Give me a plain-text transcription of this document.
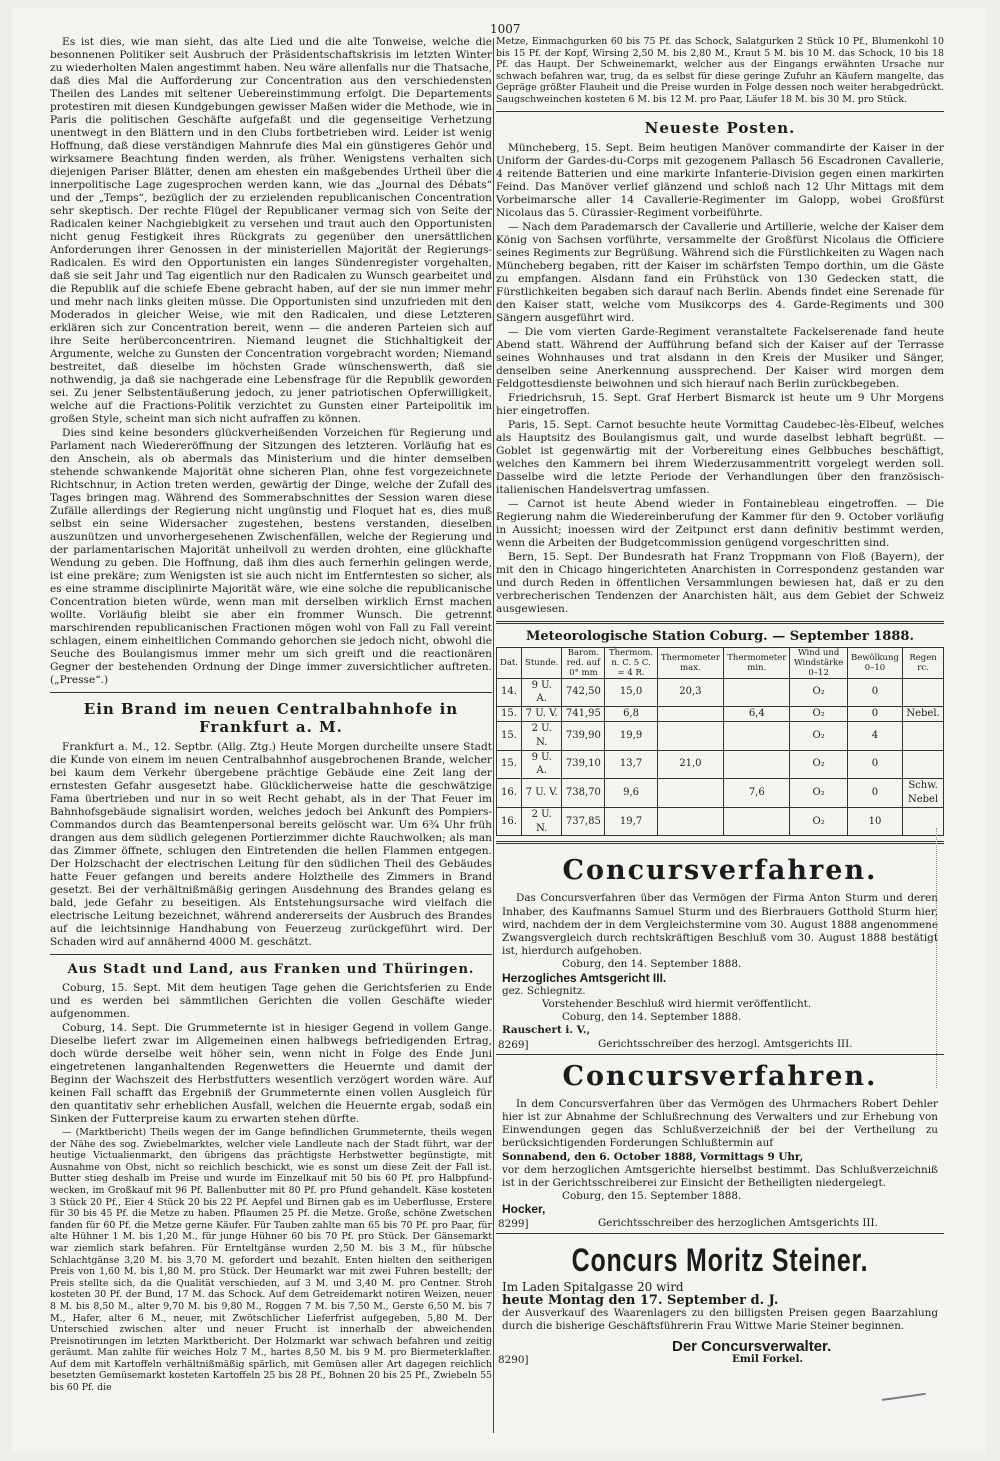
1007

Es ist dies, wie man sieht, das alte Lied und die alte Tonweise, welche die besonnenen Politiker seit Ausbruch der Präsidentschaftskrisis im letzten Winter zu wiederholten Malen angestimmt haben. Neu wäre allenfalls nur die Thatsache, daß dies Mal die Aufforderung zur Concentration aus den verschiedensten Theilen des Landes mit seltener Uebereinstimmung erfolgt. Die Departements protestiren mit diesen Kundgebungen gewisser Maßen wider die Methode, wie in Paris die politischen Geschäfte aufgefaßt und die gegenseitige Verhetzung unentwegt in den Blättern und in den Clubs fortbetrieben wird. Leider ist wenig Hoffnung, daß diese verständigen Mahnrufe dies Mal ein günstigeres Gehör und wirksamere Beachtung finden werden, als früher. Wenigstens verhalten sich diejenigen Pariser Blätter, denen am ehesten ein maßgebendes Urtheil über die innerpolitische Lage zugesprochen werden kann, wie das „Journal des Débats“ und der „Temps“, bezüglich der zu erzielenden republicanischen Concentration sehr skeptisch. Der rechte Flügel der Republicaner vermag sich von Seite der Radicalen keiner Nachgiebigkeit zu versehen und traut auch den Opportunisten nicht genug Festigkeit ihres Rückgrats zu gegenüber den unersättlichen Anforderungen ihrer Genossen in der ministeriellen Majorität der Regierungs-Radicalen. Es wird den Opportunisten ein langes Sündenregister vorgehalten, daß sie seit Jahr und Tag eigentlich nur den Radicalen zu Wunsch gearbeitet und die Republik auf die schiefe Ebene gebracht haben, auf der sie nun immer mehr und mehr nach links gleiten müsse. Die Opportunisten sind unzufrieden mit den Moderados in gleicher Weise, wie mit den Radicalen, und diese Letzteren erklären sich zur Concentration bereit, wenn — die anderen Parteien sich auf ihre Seite herüberconcentriren. Niemand leugnet die Stichhaltigkeit der Argumente, welche zu Gunsten der Concentration vorgebracht worden; Niemand bestreitet, daß dieselbe im höchsten Grade wünschenswerth, daß sie nothwendig, ja daß sie nachgerade eine Lebensfrage für die Republik geworden sei. Zu jener Selbstentäußerung jedoch, zu jener patriotischen Opferwilligkeit, welche auf die Fractions-Politik verzichtet zu Gunsten einer Parteipolitik im großen Style, scheint man sich nicht aufraffen zu können.

Dies sind keine besonders glückverheißenden Vorzeichen für Regierung und Parlament nach Wiedereröffnung der Sitzungen des letzteren. Vorläufig hat es den Anschein, als ob abermals das Ministerium und die hinter demselben stehende schwankende Majorität ohne sicheren Plan, ohne fest vorgezeichnete Richtschnur, in Action treten werden, gewärtig der Dinge, welche der Zufall des Tages bringen mag. Während des Sommerabschnittes der Session waren diese Zufälle allerdings der Regierung nicht ungünstig und Floquet hat es, dies muß selbst ein seine Widersacher zugestehen, bestens verstanden, dieselben auszunützen und unvorhergesehenen Zwischenfällen, welche der Regierung und der parlamentarischen Majorität unheilvoll zu werden drohten, eine glückhafte Wendung zu geben. Die Hoffnung, daß ihm dies auch fernerhin gelingen werde, ist eine prekäre; zum Wenigsten ist sie auch nicht im Entferntesten so sicher, als es eine stramme disciplinirte Majorität wäre, wie eine solche die republicanische Concentration bieten würde, wenn man mit derselben wirklich Ernst machen wollte. Vorläufig bleibt sie aber ein frommer Wunsch. Die getrennt marschirenden republicanischen Fractionen mögen wohl von Fall zu Fall vereint schlagen, einem einheitlichen Commando gehorchen sie jedoch nicht, obwohl die Seuche des Boulangismus immer mehr um sich greift und die reactionären Gegner der bestehenden Ordnung der Dinge immer zuversichtlicher auftreten. („Presse“.)

Ein Brand im neuen Centralbahnhofe in Frankfurt a. M.

Frankfurt a. M., 12. Septbr. (Allg. Ztg.) Heute Morgen durcheilte unsere Stadt die Kunde von einem im neuen Centralbahnhof ausgebrochenen Brande, welcher bei kaum dem Verkehr übergebene prächtige Gebäude eine Zeit lang der ernstesten Gefahr ausgesetzt habe. Glücklicherweise hatte die geschwätzige Fama übertrieben und nur in so weit Recht gehabt, als in der That Feuer im Bahnhofsgebäude signalisirt worden, welches jedoch bei Ankunft des Pompiers-Commandos durch das Beamtenpersonal bereits gelöscht war. Um 6¾ Uhr früh drangen aus dem südlich gelegenen Portierzimmer dichte Rauchwolken; als man das Zimmer öffnete, schlugen den Eintretenden die hellen Flammen entgegen. Der Holzschacht der electrischen Leitung für den südlichen Theil des Gebäudes hatte Feuer gefangen und bereits andere Holztheile des Zimmers in Brand gesetzt. Bei der verhältnißmäßig geringen Ausdehnung des Brandes gelang es bald, jede Gefahr zu beseitigen. Als Entstehungsursache wird vielfach die electrische Leitung bezeichnet, während andererseits der Ausbruch des Brandes auf die leichtsinnige Handhabung von Feuerzeug zurückgeführt wird. Der Schaden wird auf annähernd 4000 M. geschätzt.

Aus Stadt und Land, aus Franken und Thüringen.

Coburg, 15. Sept. Mit dem heutigen Tage gehen die Gerichtsferien zu Ende und es werden bei sämmtlichen Gerichten die vollen Geschäfte wieder aufgenommen.

Coburg, 14. Sept. Die Grummeternte ist in hiesiger Gegend in vollem Gange. Dieselbe liefert zwar im Allgemeinen einen halbwegs befriedigenden Ertrag, doch würde derselbe weit höher sein, wenn nicht in Folge des Ende Juni eingetretenen langanhaltenden Regenwetters die Heuernte und damit der Beginn der Wachszeit des Herbstfutters wesentlich verzögert worden wäre. Auf keinen Fall schafft das Ergebniß der Grummeternte einen vollen Ausgleich für den quantitativ sehr erheblichen Ausfall, welchen die Heuernte ergab, sodaß ein Sinken der Futterpreise kaum zu erwarten stehen dürfte.

— (Marktbericht) Theils wegen der im Gange befindlichen Grummeternte, theils wegen der Nähe des sog. Zwiebelmarktes, welcher viele Landleute nach der Stadt führt, war der heutige Victualienmarkt, den übrigens das prächtigste Herbstwetter begünstigte, mit Ausnahme von Obst, nicht so reichlich beschickt, wie es sonst um diese Zeit der Fall ist. Butter stieg deshalb im Preise und wurde im Einzelkauf mit 50 bis 60 Pf. pro Halbpfund-wecken, im Großkauf mit 96 Pf. Ballenbutter mit 80 Pf. pro Pfund gehandelt. Käse kosteten 3 Stück 20 Pf., Eier 4 Stück 20 bis 22 Pf. Aepfel und Birnen gab es im Ueberflusse, Erstere für 30 bis 45 Pf. die Metze zu haben. Pflaumen 25 Pf. die Metze. Große, schöne Zwetschen fanden für 60 Pf. die Metze gerne Käufer. Für Tauben zahlte man 65 bis 70 Pf. pro Paar, für alte Hühner 1 M. bis 1,20 M., für junge Hühner 60 bis 70 Pf. pro Stück. Der Gänsemarkt war ziemlich stark befahren. Für Ernteltgänse wurden 2,50 M. bis 3 M., für hübsche Schlachtgänse 3,20 M. bis 3,70 M. gefordert und bezahlt. Enten hielten den seitherigen Preis von 1,60 M. bis 1,80 M. pro Stück. Der Heumarkt war mit zwei Fuhren bestellt; der Preis stellte sich, da die Qualität verschieden, auf 3 M. und 3,40 M. pro Centner. Stroh kosteten 30 Pf. der Bund, 17 M. das Schock. Auf dem Getreidemarkt notiren Weizen, neuer 8 M. bis 8,50 M., alter 9,70 M. bis 9,80 M., Roggen 7 M. bis 7,50 M., Gerste 6,50 M. bis 7 M., Hafer, alter 6 M., neuer, mit Zwötschlicher Lieferfrist aufgegeben, 5,80 M. Der Unterschied zwischen alter und neuer Frucht ist innerhalb der abweichenden Preisnotirungen im letzten Marktbericht. Der Holzmarkt war schwach befahren und zeitig geräumt. Man zahlte für weiches Holz 7 M., hartes 8,50 M. bis 9 M. pro Biermeterklafter. Auf dem mit Kartoffeln verhältnißmäßig spärlich, mit Gemüsen aller Art dagegen reichlich besetzten Gemüsemarkt kosteten Kartoffeln 25 bis 28 Pf., Bohnen 20 bis 25 Pf., Zwiebeln 55 bis 60 Pf. die

Metze, Einmachgurken 60 bis 75 Pf. das Schock, Salatgurken 2 Stück 10 Pf., Blumenkohl 10 bis 15 Pf. der Kopf, Wirsing 2,50 M. bis 2,80 M., Kraut 5 M. bis 10 M. das Schock, 10 bis 18 Pf. das Haupt. Der Schweinemarkt, welcher aus der Eingangs erwähnten Ursache nur schwach befahren war, trug, da es selbst für diese geringe Zufuhr an Käufern mangelte, das Gepräge größter Flauheit und die Preise wurden in Folge dessen noch weiter herabgedrückt. Saugschweinchen kosteten 6 M. bis 12 M. pro Paar, Läufer 18 M. bis 30 M. pro Stück.

Neueste Posten.

Müncheberg, 15. Sept. Beim heutigen Manöver commandirte der Kaiser in der Uniform der Gardes-du-Corps mit gezogenem Pallasch 56 Escadronen Cavallerie, 4 reitende Batterien und eine markirte Infanterie-Division gegen einen markirten Feind. Das Manöver verlief glänzend und schloß nach 12 Uhr Mittags mit dem Vorbeimarsche aller 14 Cavallerie-Regimenter im Galopp, wobei Großfürst Nicolaus das 5. Cürassier-Regiment vorbeiführte.

— Nach dem Parademarsch der Cavallerie und Artillerie, welche der Kaiser dem König von Sachsen vorführte, versammelte der Großfürst Nicolaus die Officiere seines Regiments zur Begrüßung. Während sich die Fürstlichkeiten zu Wagen nach Müncheberg begaben, ritt der Kaiser im schärfsten Tempo dorthin, um die Gäste zu empfangen. Alsdann fand ein Frühstück von 130 Gedecken statt, die Fürstlichkeiten begaben sich darauf nach Berlin. Abends findet eine Serenade für den Kaiser statt, welche vom Musikcorps des 4. Garde-Regiments und 300 Sängern ausgeführt wird.

— Die vom vierten Garde-Regiment veranstaltete Fackelserenade fand heute Abend statt. Während der Aufführung befand sich der Kaiser auf der Terrasse seines Wohnhauses und trat alsdann in den Kreis der Musiker und Sänger, denselben seine Anerkennung aussprechend. Der Kaiser wird morgen dem Feldgottesdienste beiwohnen und sich hierauf nach Berlin zurückbegeben.

Friedrichsruh, 15. Sept. Graf Herbert Bismarck ist heute um 9 Uhr Morgens hier eingetroffen.

Paris, 15. Sept. Carnot besuchte heute Vormittag Caudebec-lès-Elbeuf, welches als Hauptsitz des Boulangismus galt, und wurde daselbst lebhaft begrüßt. — Goblet ist gegenwärtig mit der Vorbereitung eines Gelbbuches beschäftigt, welches den Kammern bei ihrem Wiederzusammentritt vorgelegt werden soll. Dasselbe wird die letzte Periode der Verhandlungen über den französisch-italienischen Handelsvertrag umfassen.

— Carnot ist heute Abend wieder in Fontainebleau eingetroffen. — Die Regierung nahm die Wiedereinberufung der Kammer für den 9. October vorläufig in Aussicht; inoessen wird der Zeitpunct erst dann definitiv bestimmt werden, wenn die Arbeiten der Budgetcommission genügend vorgeschritten sind.

Bern, 15. Sept. Der Bundesrath hat Franz Troppmann von Floß (Bayern), der mit den in Chicago hingerichteten Anarchisten in Correspondenz gestanden war und durch Reden in öffentlichen Versammlungen bewiesen hat, daß er zu den verbrecherischen Tendenzen der Anarchisten hält, aus dem Gebiet der Schweiz ausgewiesen.

Meteorologische Station Coburg. — September 1888.
Dat.	Stunde.	Barom. red. auf 0° mm	Thermom. n. C. 5 C. = 4 R.	Thermometer max.	Thermometer min.	Wind und Windstärke 0–12	Bewölkung 0–10	Regen rc.
14.	9 U. A.	742,50	15,0	20,3		O₂	0	
15.	7 U. V.	741,95	6,8		6,4	O₂	0	Nebel.
15.	2 U. N.	739,90	19,9			O₂	4	
15.	9 U. A.	739,10	13,7	21,0		O₂	0	
16.	7 U. V.	738,70	9,6		7,6	O₂	0	Schw. Nebel
16.	2 U. N.	737,85	19,7			O₂	10	
Concursverfahren.

Das Concursverfahren über das Vermögen der Firma Anton Sturm und deren Inhaber, des Kaufmanns Samuel Sturm und des Bierbrauers Gotthold Sturm hier, wird, nachdem der in dem Vergleichstermine vom 30. August 1888 angenommene Zwangsvergleich durch rechtskräftigen Beschluß vom 30. August 1888 bestätigt ist, hierdurch aufgehoben.

Coburg, den 14. September 1888.

Herzogliches Amtsgericht III.

gez. Schiegnitz.

Vorstehender Beschluß wird hiermit veröffentlicht.

Coburg, den 14. September 1888.

Rauschert i. V.,

Gerichtsschreiber des herzogl. Amtsgerichts III.

8269]
Concursverfahren.

In dem Concursverfahren über das Vermögen des Uhrmachers Robert Dehler hier ist zur Abnahme der Schlußrechnung des Verwalters und zur Erhebung von Einwendungen gegen das Schlußverzeichniß der bei der Vertheilung zu berücksichtigenden Forderungen Schlußtermin auf

Sonnabend, den 6. October 1888, Vormittags 9 Uhr,

vor dem herzoglichen Amtsgerichte hierselbst bestimmt. Das Schlußverzeichniß ist in der Gerichtsschreiberei zur Einsicht der Betheiligten niedergelegt.

Coburg, den 15. September 1888.

Hocker,

Gerichtsschreiber des herzoglichen Amtsgerichts III.

8299]
Concurs Moritz Steiner.

Im Laden Spitalgasse 20 wird

heute Montag den 17. September d. J.

der Ausverkauf des Waarenlagers zu den billigsten Preisen gegen Baarzahlung durch die bisherige Geschäftsführerin Frau Wittwe Marie Steiner beginnen.

Der Concursverwalter.

Emil Forkel.

8290]
